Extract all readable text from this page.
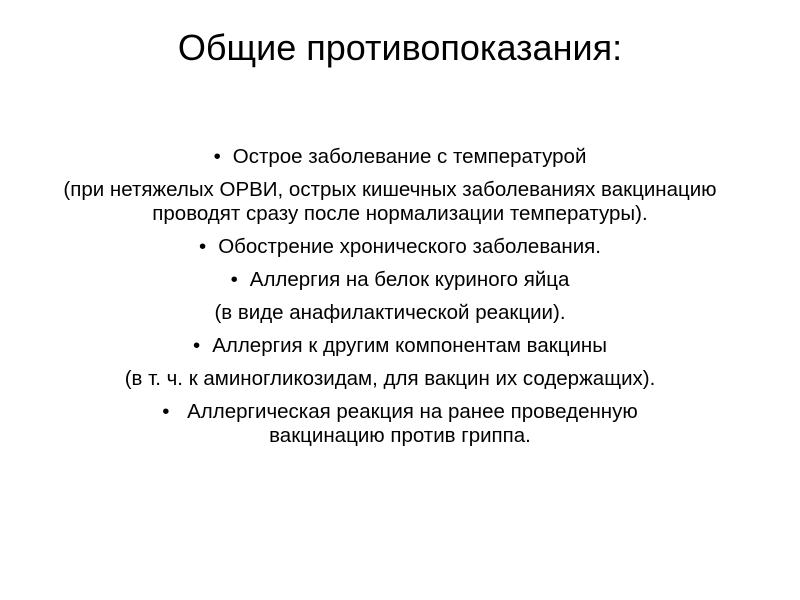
Общие противопоказания:
• Острое заболевание с температурой
(при нетяжелых ОРВИ, острых кишечных заболеваниях вакцинацию проводят сразу после нормализации температуры).
• Обострение хронического заболевания.
• Аллергия на белок куриного яйца
(в виде анафилактической реакции).
• Аллергия к другим компонентам вакцины
(в т. ч. к аминогликозидам, для вакцин их содержащих).
• Аллергическая реакция на ранее проведенную
вакцинацию против гриппа.
